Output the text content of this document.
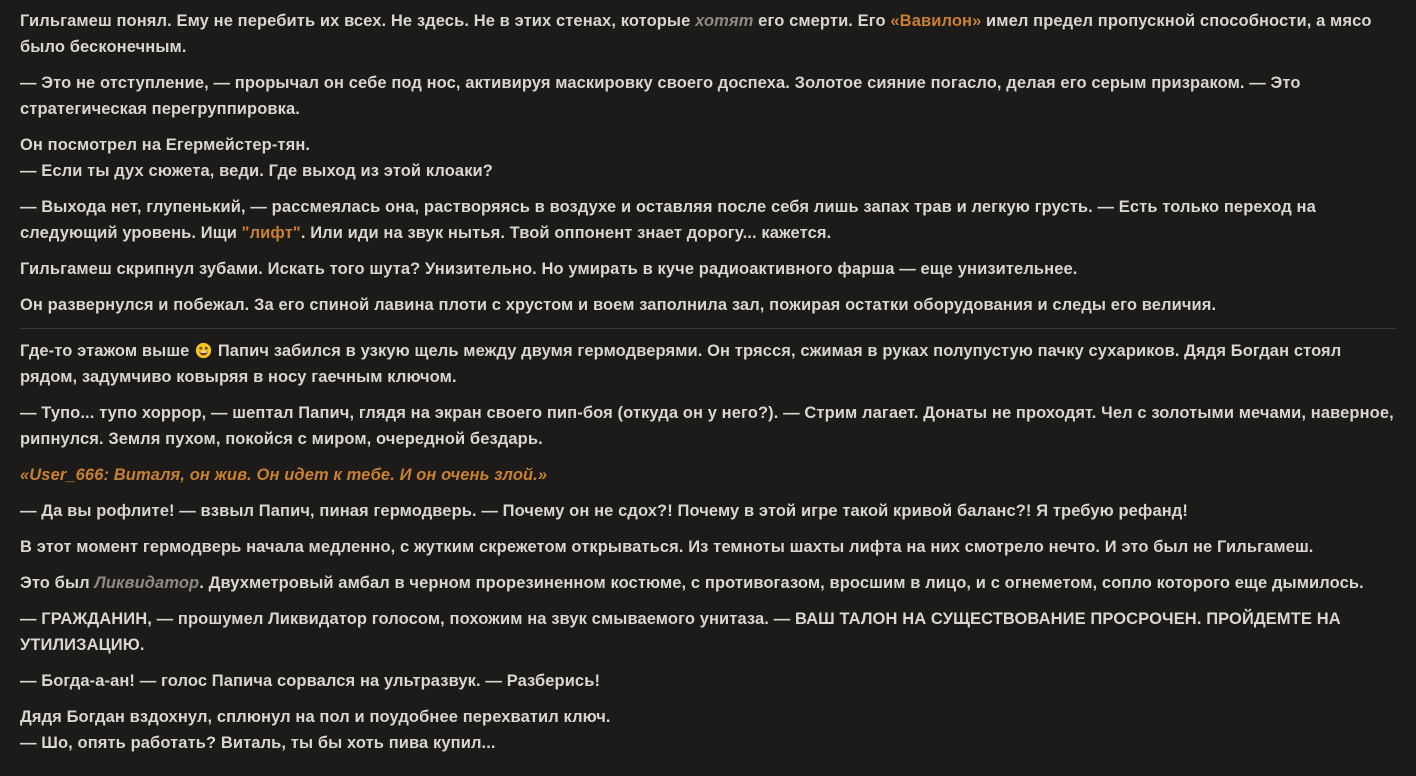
Гильгамеш понял. Ему не перебить их всех. Не здесь. Не в этих стенах, которые хотят его смерти. Его «Вавилон» имел предел пропускной способности, а мясо было бесконечным.

— Это не отступление, — прорычал он себе под нос, активируя маскировку своего доспеха. Золотое сияние погасло, делая его серым призраком. — Это стратегическая перегруппировка.

Он посмотрел на Егермейстер-тян.
— Если ты дух сюжета, веди. Где выход из этой клоаки?

— Выхода нет, глупенький, — рассмеялась она, растворяясь в воздухе и оставляя после себя лишь запах трав и легкую грусть. — Есть только переход на следующий уровень. Ищи "лифт". Или иди на звук нытья. Твой оппонент знает дорогу... кажется.

Гильгамеш скрипнул зубами. Искать того шута? Унизительно. Но умирать в куче радиоактивного фарша — еще унизительнее.

Он развернулся и побежал. За его спиной лавина плоти с хрустом и воем заполнила зал, пожирая остатки оборудования и следы его величия.

Где-то этажом выше  Папич забился в узкую щель между двумя гермодверями. Он трясся, сжимая в руках полупустую пачку сухариков. Дядя Богдан стоял рядом, задумчиво ковыряя в носу гаечным ключом.

— Тупо... тупо хоррор, — шептал Папич, глядя на экран своего пип-боя (откуда он у него?). — Стрим лагает. Донаты не проходят. Чел с золотыми мечами, наверное, рипнулся. Земля пухом, покойся с миром, очередной бездарь.

«User_666: Виталя, он жив. Он идет к тебе. И он очень злой.»

— Да вы рофлите! — взвыл Папич, пиная гермодверь. — Почему он не сдох?! Почему в этой игре такой кривой баланс?! Я требую рефанд!

В этот момент гермодверь начала медленно, с жутким скрежетом открываться. Из темноты шахты лифта на них смотрело нечто. И это был не Гильгамеш.

Это был Ликвидатор. Двухметровый амбал в черном прорезиненном костюме, с противогазом, вросшим в лицо, и с огнеметом, сопло которого еще дымилось.

— ГРАЖДАНИН, — прошумел Ликвидатор голосом, похожим на звук смываемого унитаза. — ВАШ ТАЛОН НА СУЩЕСТВОВАНИЕ ПРОСРОЧЕН. ПРОЙДЕМТЕ НА УТИЛИЗАЦИЮ.

— Богда-а-ан! — голос Папича сорвался на ультразвук. — Разберись!

Дядя Богдан вздохнул, сплюнул на пол и поудобнее перехватил ключ.
— Шо, опять работать? Виталь, ты бы хоть пива купил...
